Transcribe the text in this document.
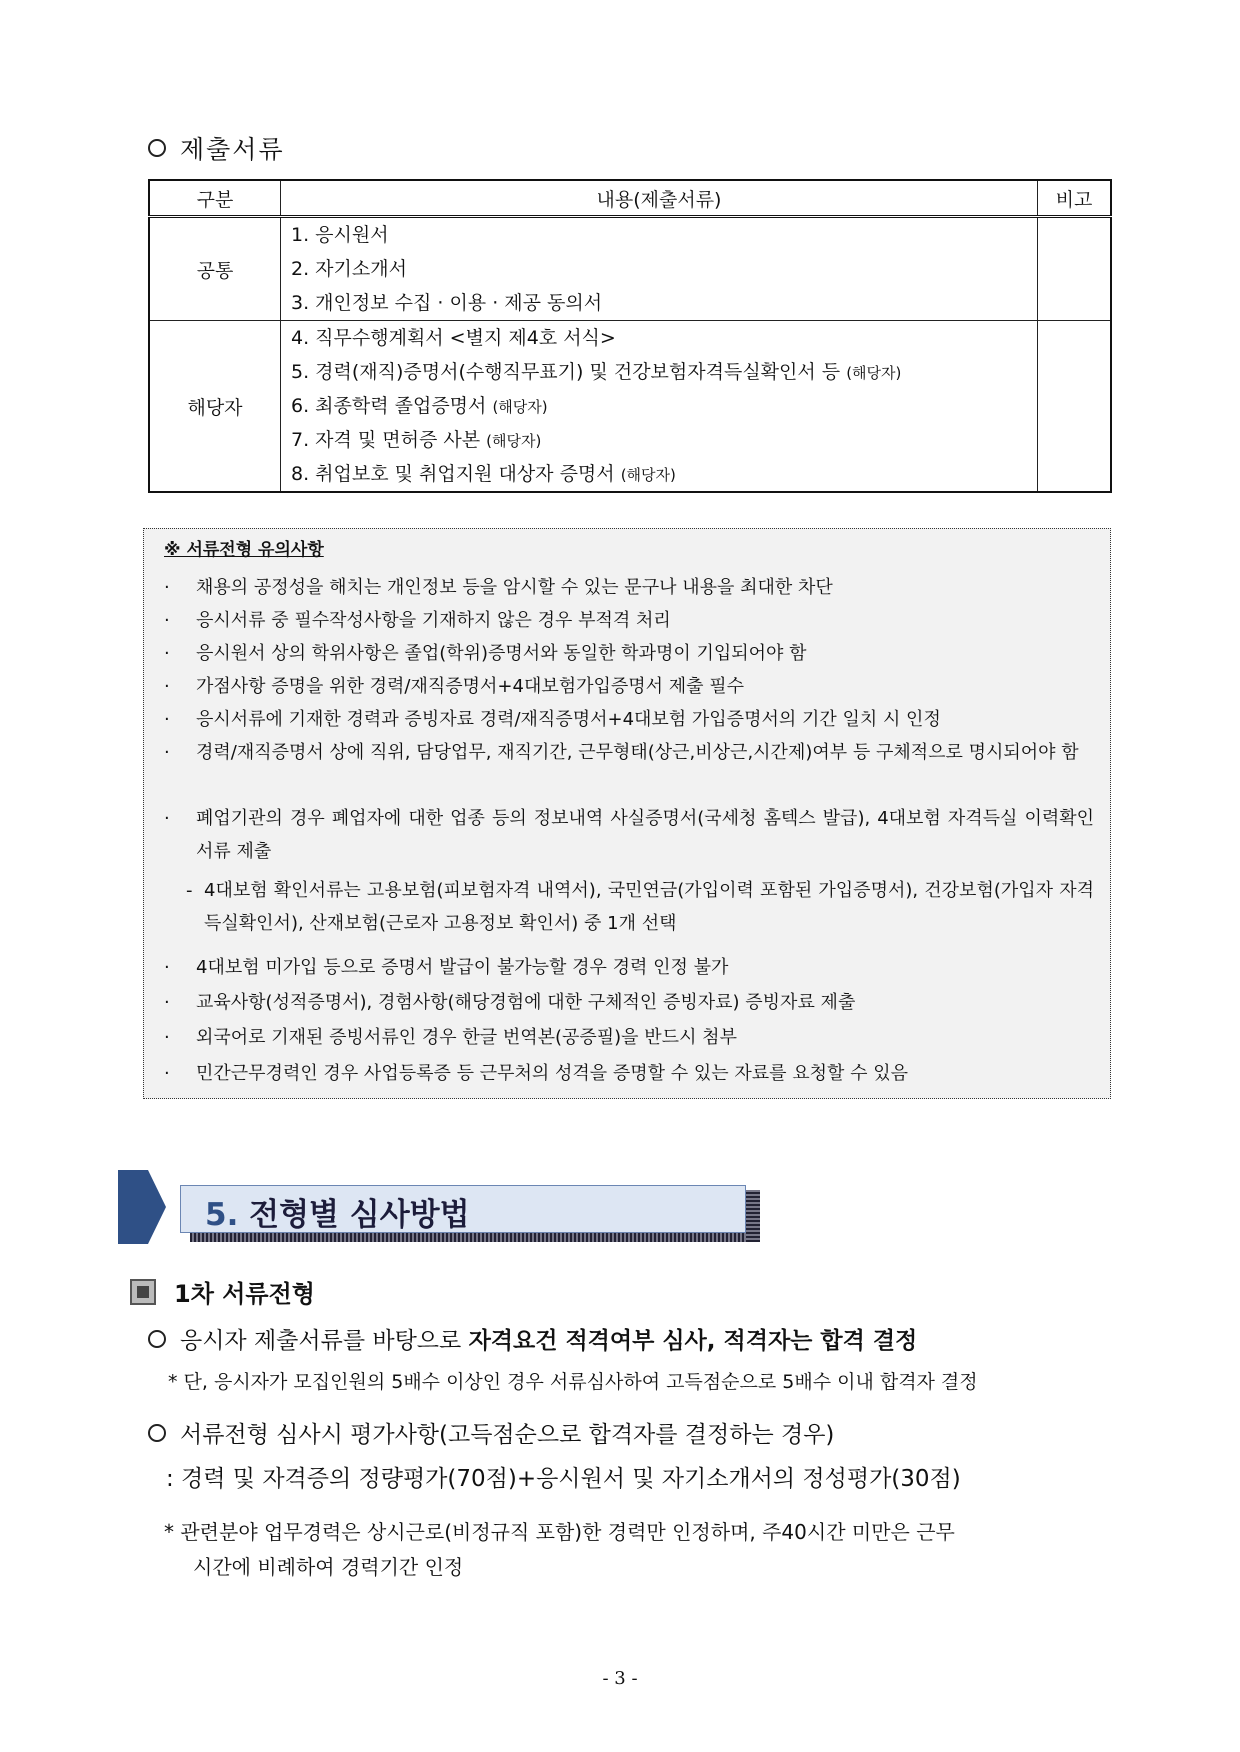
제출서류
구분	내용(제출서류)	비고
공통	1. 응시원서
2. 자기소개서
3. 개인정보 수집 · 이용 · 제공 동의서	

해당자	4. 직무수행계획서 <별지 제4호 서식>
5. 경력(재직)증명서(수행직무표기) 및 건강보험자격득실확인서 등 (해당자)
6. 최종학력 졸업증명서 (해당자)
7. 자격 및 면허증 사본 (해당자)
8. 취업보호 및 취업지원 대상자 증명서 (해당자)	

※ 서류전형 유의사항
·	채용의 공정성을 해치는 개인정보 등을 암시할 수 있는 문구나 내용을 최대한 차단
·	응시서류 중 필수작성사항을 기재하지 않은 경우 부적격 처리
·	응시원서 상의 학위사항은 졸업(학위)증명서와 동일한 학과명이 기입되어야 함
·	가점사항 증명을 위한 경력/재직증명서+4대보험가입증명서 제출 필수
·	응시서류에 기재한 경력과 증빙자료 경력/재직증명서+4대보험 가입증명서의 기간 일치 시 인정
·	경력/재직증명서 상에 직위, 담당업무, 재직기간, 근무형태(상근,비상근,시간제)여부 등 구체적으로 명시되어야 함
·	폐업기관의 경우 폐업자에 대한 업종 등의 정보내역 사실증명서(국세청 홈텍스 발급), 4대보험 자격득실 이력확인서류 제출
- 4대보험 확인서류는 고용보험(피보험자격 내역서), 국민연금(가입이력 포함된 가입증명서), 건강보험(가입자 자격득실확인서), 산재보험(근로자 고용정보 확인서) 중 1개 선택
·	4대보험 미가입 등으로 증명서 발급이 불가능할 경우 경력 인정 불가
·	교육사항(성적증명서), 경험사항(해당경험에 대한 구체적인 증빙자료) 증빙자료 제출
·	외국어로 기재된 증빙서류인 경우 한글 번역본(공증필)을 반드시 첨부
·	민간근무경력인 경우 사업등록증 등 근무처의 성격을 증명할 수 있는 자료를 요청할 수 있음
5. 전형별 심사방법
1차 서류전형
응시자 제출서류를 바탕으로 자격요건 적격여부 심사, 적격자는 합격 결정
* 단, 응시자가 모집인원의 5배수 이상인 경우 서류심사하여 고득점순으로 5배수 이내 합격자 결정
서류전형 심사시 평가사항(고득점순으로 합격자를 결정하는 경우)
: 경력 및 자격증의 정량평가(70점)+응시원서 및 자기소개서의 정성평가(30점)
* 관련분야 업무경력은 상시근로(비정규직 포함)한 경력만 인정하며, 주40시간 미만은 근무
시간에 비례하여 경력기간 인정
- 3 -
